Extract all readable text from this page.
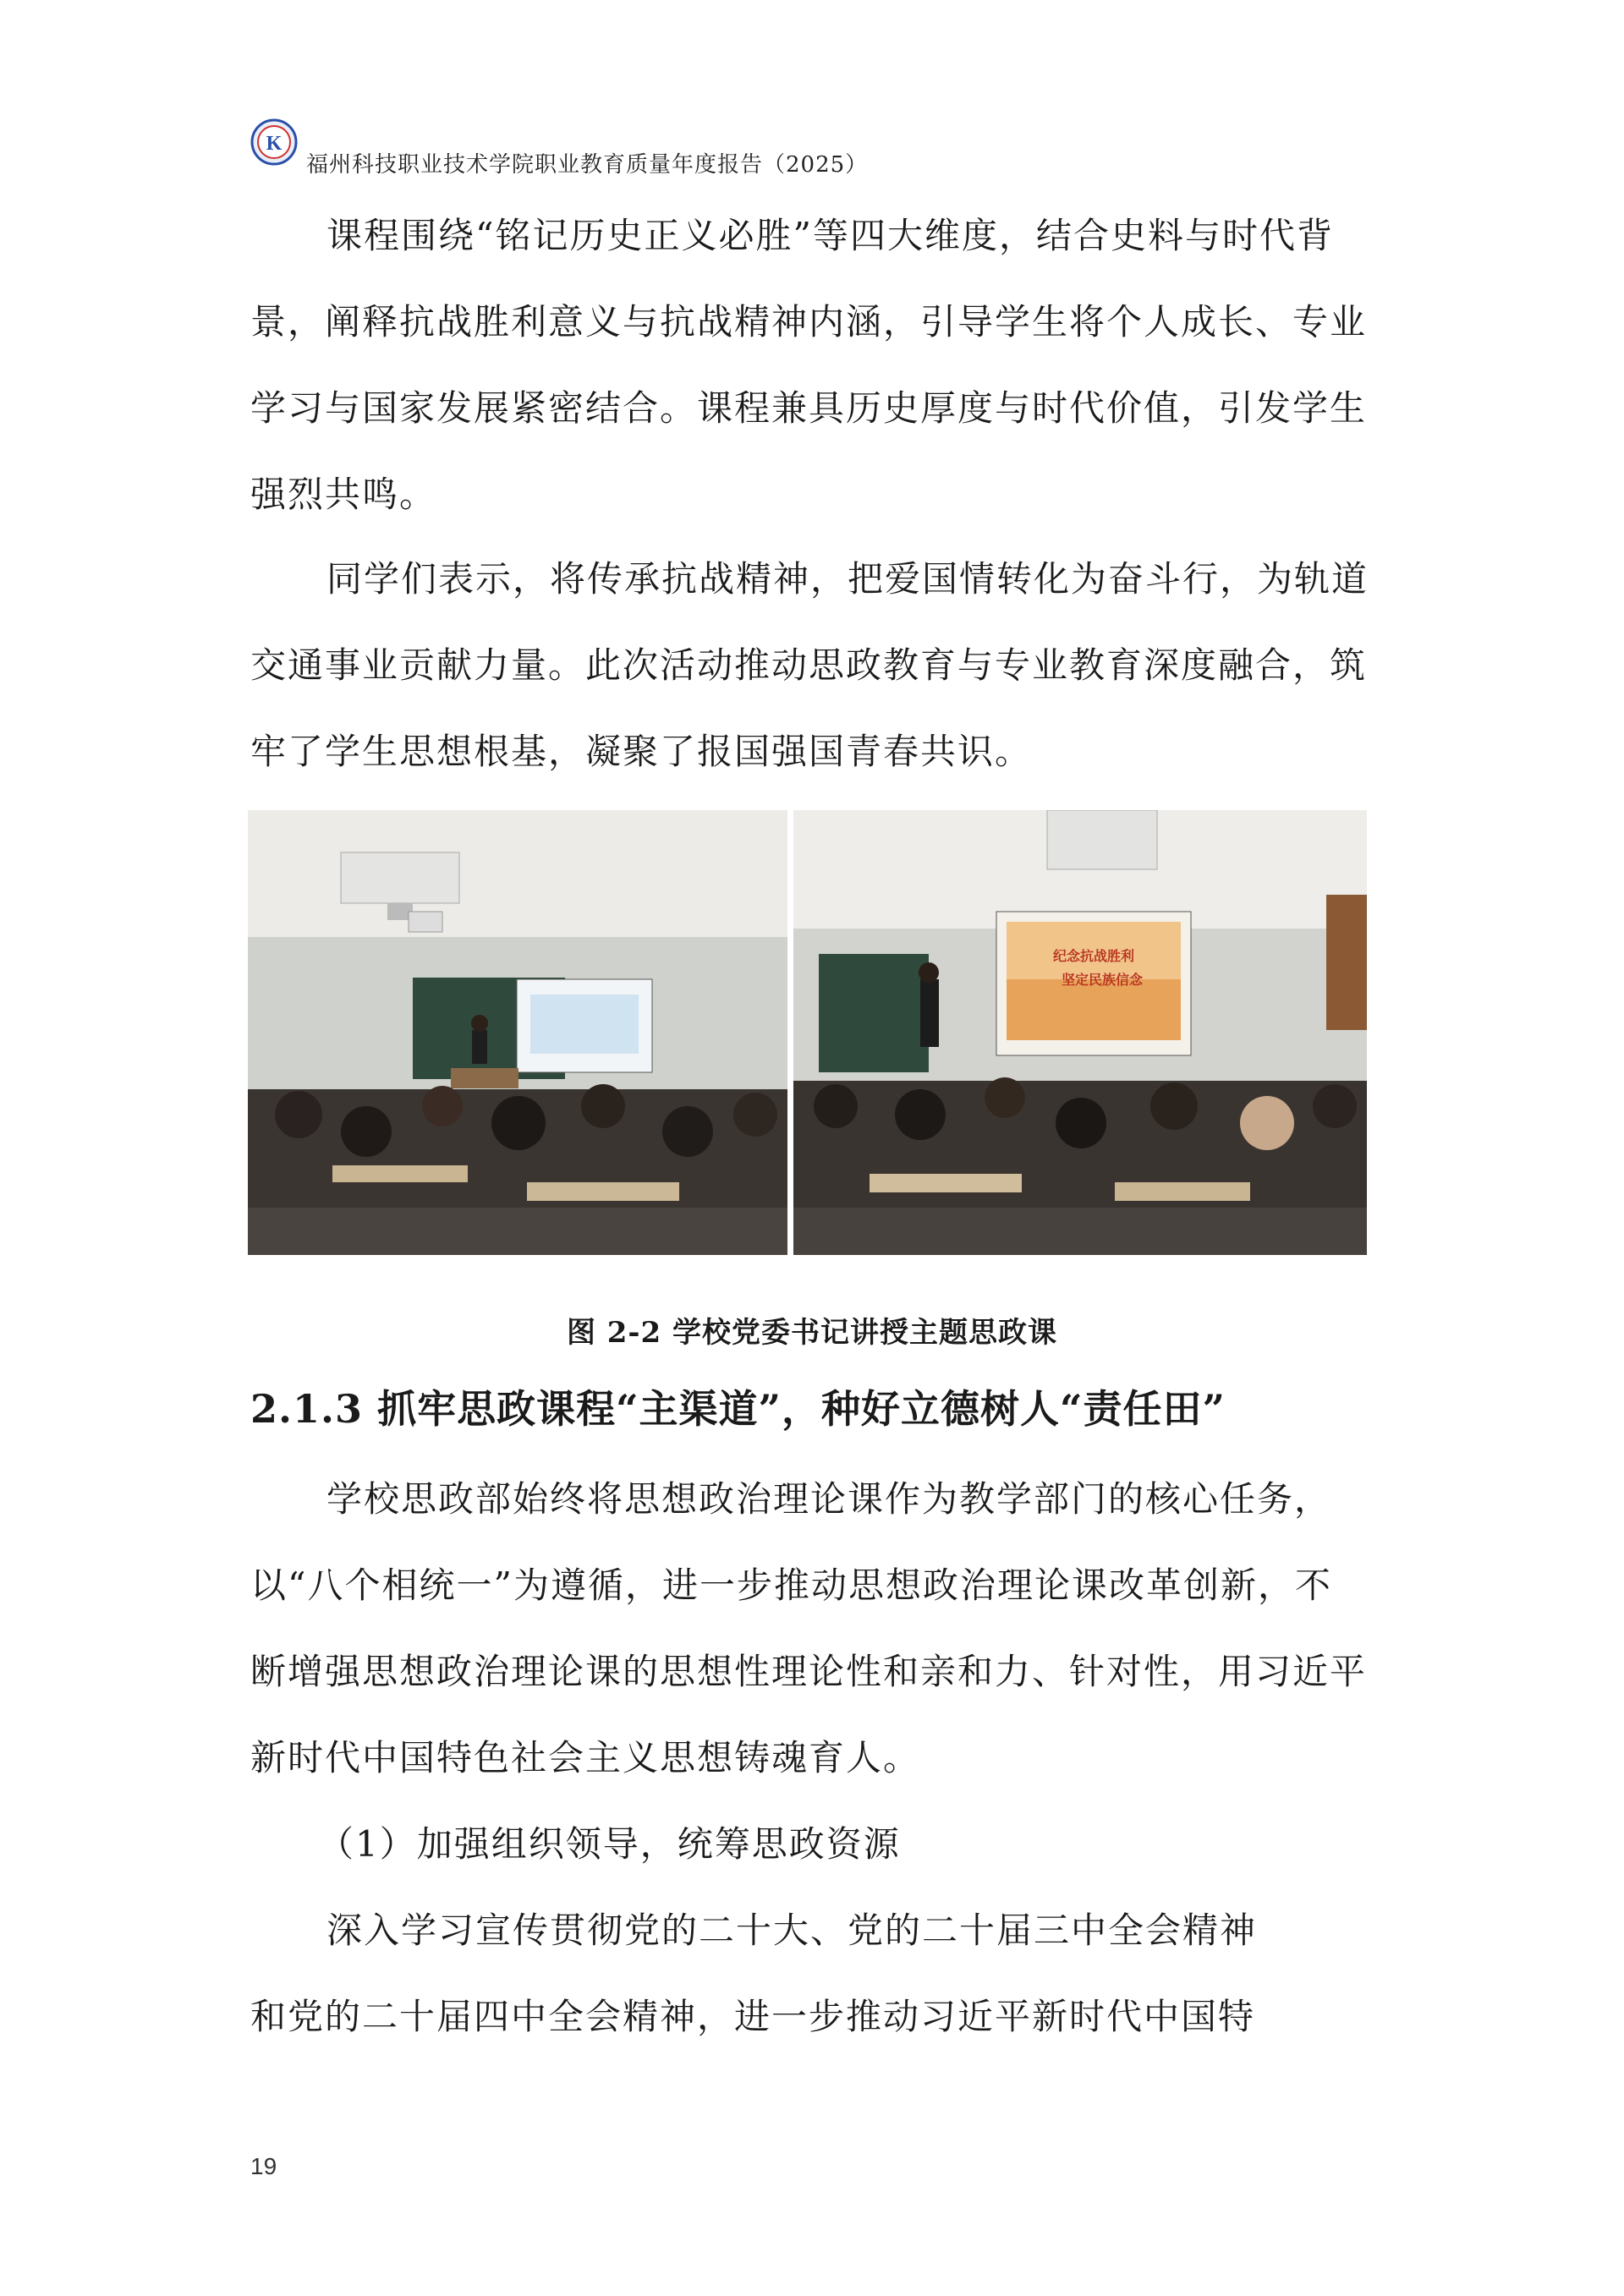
K
福州科技职业技术学院职业教育质量年度报告（2025）

课程围绕“铭记历史正义必胜”等四大维度，结合史料与时代背
景，阐释抗战胜利意义与抗战精神内涵，引导学生将个人成长、专业
学习与国家发展紧密结合。课程兼具历史厚度与时代价值，引发学生
强烈共鸣。

同学们表示，将传承抗战精神，把爱国情转化为奋斗行，为轨道
交通事业贡献力量。此次活动推动思政教育与专业教育深度融合，筑
牢了学生思想根基，凝聚了报国强国青春共识。

纪念抗战胜利
坚定民族信念
图 2-2 学校党委书记讲授主题思政课
2.1.3 抓牢思政课程“主渠道”，种好立德树人“责任田”

学校思政部始终将思想政治理论课作为教学部门的核心任务，
以“八个相统一”为遵循，进一步推动思想政治理论课改革创新，不
断增强思想政治理论课的思想性理论性和亲和力、针对性，用习近平
新时代中国特色社会主义思想铸魂育人。

（1）加强组织领导，统筹思政资源

深入学习宣传贯彻党的二十大、党的二十届三中全会精神
和党的二十届四中全会精神，进一步推动习近平新时代中国特

19
